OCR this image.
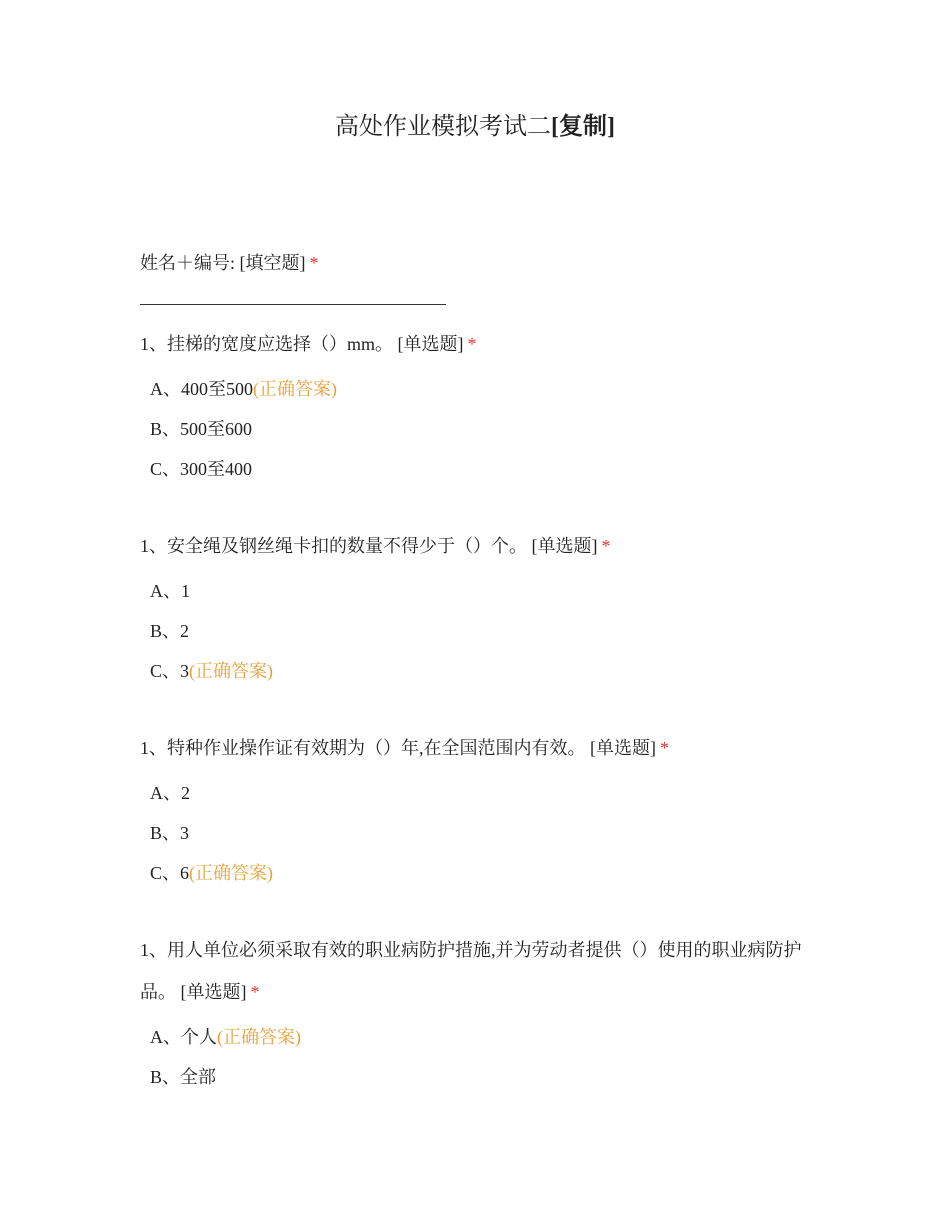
高处作业模拟考试二[复制]

姓名＋编号: [填空题] *

1、挂梯的宽度应选择（）mm。 [单选题] *

A、400至500(正确答案)
B、500至600
C、300至400

1、安全绳及钢丝绳卡扣的数量不得少于（）个。 [单选题] *

A、1
B、2
C、3(正确答案)

1、特种作业操作证有效期为（）年,在全国范围内有效。 [单选题] *

A、2
B、3
C、6(正确答案)

1、用人单位必须采取有效的职业病防护措施,并为劳动者提供（）使用的职业病防护品。 [单选题] *

A、个人(正确答案)
B、全部
